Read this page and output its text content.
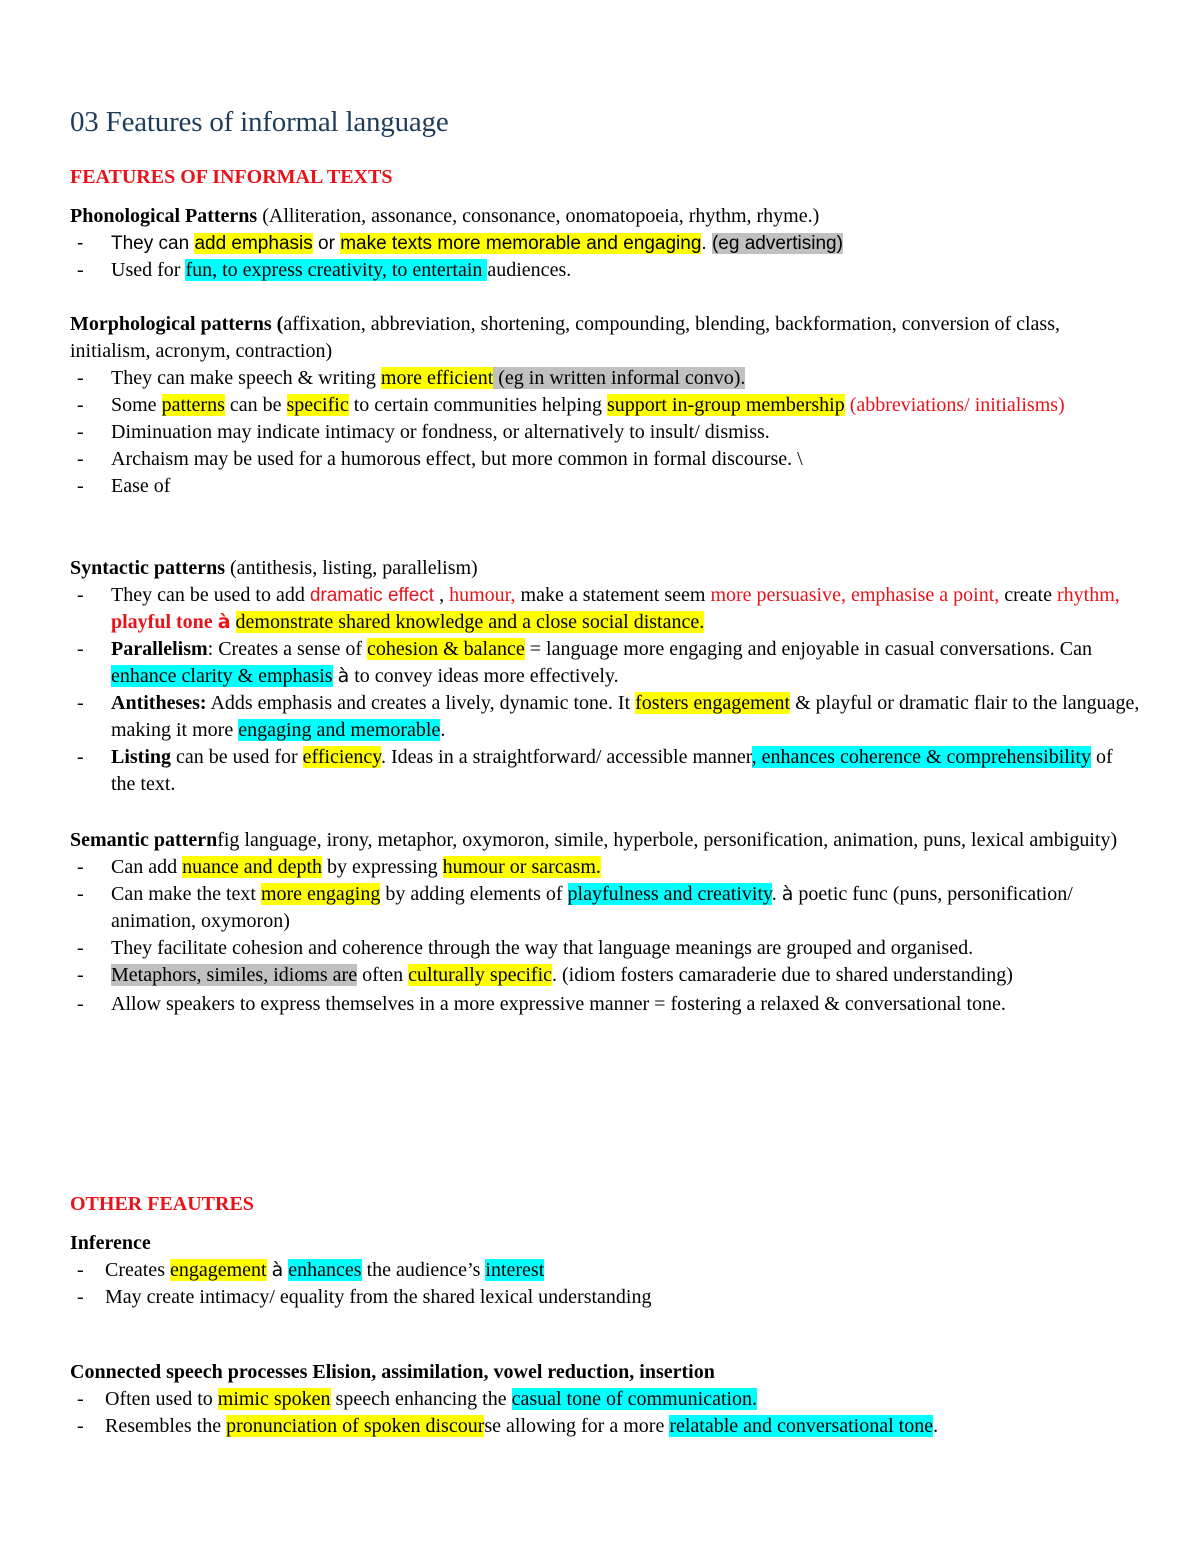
03 Features of informal language
FEATURES OF INFORMAL TEXTS

Phonological Patterns (Alliteration, assonance, consonance, onomatopoeia, rhythm, rhyme.)

- They can add emphasis or make texts more memorable and engaging. (eg advertising)
- Used for fun, to express creativity, to entertain audiences.

Morphological patterns (affixation, abbreviation, shortening, compounding, blending, backformation, conversion of class, initialism, acronym, contraction)

- They can make speech & writing more efficient (eg in written informal convo).
- Some patterns can be specific to certain communities helping support in-group membership (abbreviations/ initialisms)
- Diminuation may indicate intimacy or fondness, or alternatively to insult/ dismiss.
- Archaism may be used for a humorous effect, but more common in formal discourse. \
- Ease of

Syntactic patterns (antithesis, listing, parallelism)

- They can be used to add dramatic effect , humour, make a statement seem more persuasive, emphasise a point, create rhythm, playful tone à demonstrate shared knowledge and a close social distance.
- Parallelism: Creates a sense of cohesion & balance = language more engaging and enjoyable in casual conversations. Can enhance clarity & emphasis à to convey ideas more effectively.
- Antitheses: Adds emphasis and creates a lively, dynamic tone. It fosters engagement & playful or dramatic flair to the language, making it more engaging and memorable.
- Listing can be used for efficiency. Ideas in a straightforward/ accessible manner, enhances coherence & comprehensibility of the text.

Semantic patternfig language, irony, metaphor, oxymoron, simile, hyperbole, personification, animation, puns, lexical ambiguity)

- Can add nuance and depth by expressing humour or sarcasm.
- Can make the text more engaging by adding elements of playfulness and creativity. à poetic func (puns, personification/ animation, oxymoron)
- They facilitate cohesion and coherence through the way that language meanings are grouped and organised.
- Metaphors, similes, idioms are often culturally specific. (idiom fosters camaraderie due to shared understanding)
- Allow speakers to express themselves in a more expressive manner = fostering a relaxed & conversational tone.
OTHER FEAUTRES

Inference

- Creates engagement à enhances the audience’s interest
- May create intimacy/ equality from the shared lexical understanding

Connected speech processes Elision, assimilation, vowel reduction, insertion

- Often used to mimic spoken speech enhancing the casual tone of communication.
- Resembles the pronunciation of spoken discourse allowing for a more relatable and conversational tone.
